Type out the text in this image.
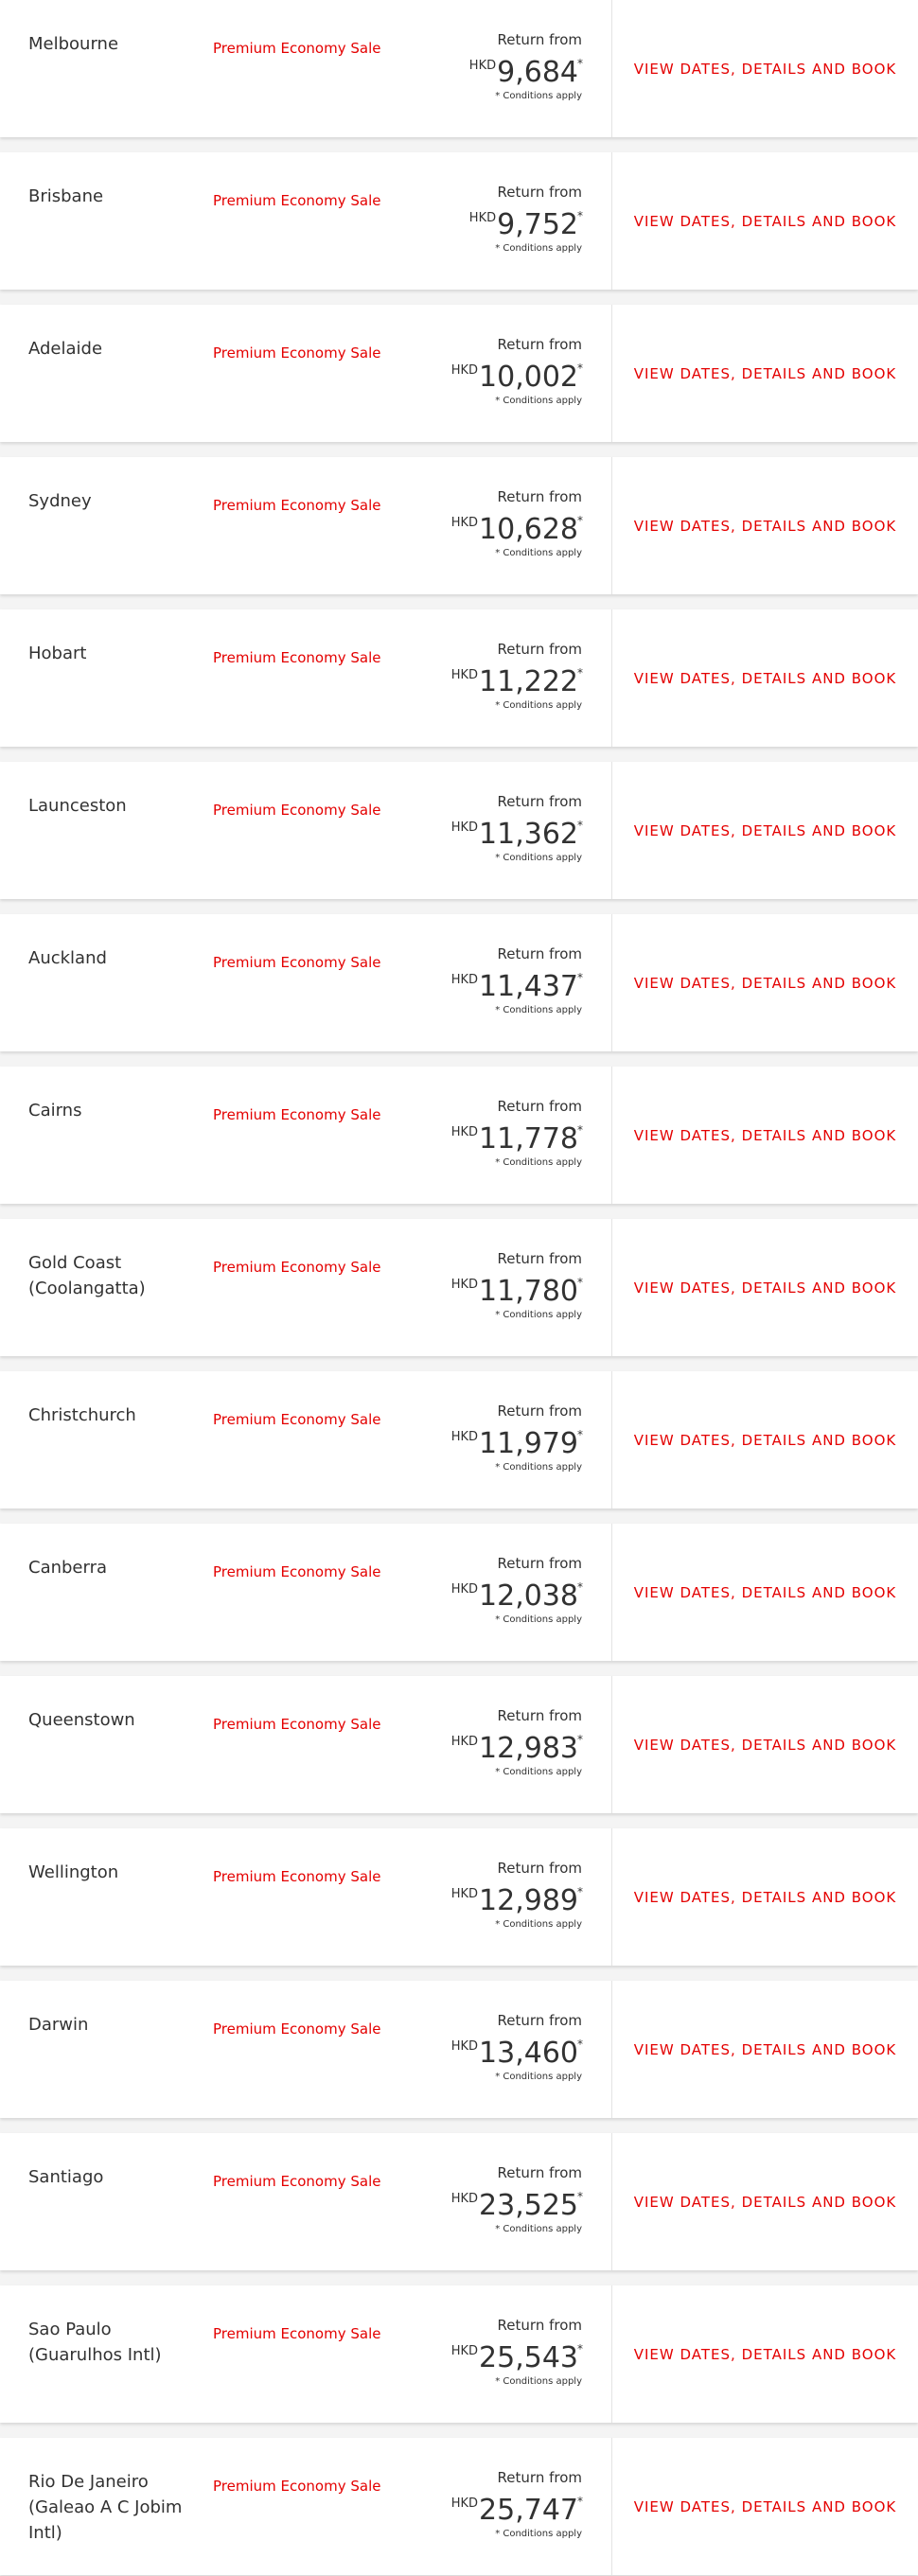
Melbourne	Premium Economy Sale	Return from
$^{HKD}$9,684 *
* Conditions apply
VIEW DATES, DETAILS AND BOOK
Brisbane	Premium Economy Sale	Return from
$^{HKD}$9,752 *
* Conditions apply
VIEW DATES, DETAILS AND BOOK
Adelaide	Premium Economy Sale	Return from
$^{HKD}$10,002 *
* Conditions apply
VIEW DATES, DETAILS AND BOOK
Sydney	Premium Economy Sale	Return from
$^{HKD}$10,628 *
* Conditions apply
VIEW DATES, DETAILS AND BOOK
Hobart	Premium Economy Sale	Return from
$^{HKD}$11,222 *
* Conditions apply
VIEW DATES, DETAILS AND BOOK
Launceston	Premium Economy Sale	Return from
$^{HKD}$11,362 *
* Conditions apply
VIEW DATES, DETAILS AND BOOK
Auckland	Premium Economy Sale	Return from
$^{HKD}$11,437 *
* Conditions apply
VIEW DATES, DETAILS AND BOOK
Cairns	Premium Economy Sale	Return from
$^{HKD}$11,778 *
* Conditions apply
VIEW DATES, DETAILS AND BOOK
Gold Coast (Coolangatta)
Premium Economy Sale	Return from
$^{HKD}$11,780 *
* Conditions apply
VIEW DATES, DETAILS AND BOOK
Christchurch	Premium Economy Sale	Return from
$^{HKD}$11,979 *
* Conditions apply
VIEW DATES, DETAILS AND BOOK
Canberra	Premium Economy Sale	Return from
$^{HKD}$12,038 *
* Conditions apply
VIEW DATES, DETAILS AND BOOK
Queenstown	Premium Economy Sale	Return from
$^{HKD}$12,983 *
* Conditions apply
VIEW DATES, DETAILS AND BOOK
Wellington	Premium Economy Sale	Return from
$^{HKD}$12,989 *
* Conditions apply
VIEW DATES, DETAILS AND BOOK
Darwin	Premium Economy Sale	Return from
$^{HKD}$13,460 *
* Conditions apply
VIEW DATES, DETAILS AND BOOK
Santiago	Premium Economy Sale	Return from
$^{HKD}$23,525 *
* Conditions apply
VIEW DATES, DETAILS AND BOOK
Sao Paulo (Guarulhos Intl)
Premium Economy Sale	Return from
$^{HKD}$25,543 *
* Conditions apply
VIEW DATES, DETAILS AND BOOK
Rio De Janeiro (Galeao A C Jobim Intl)
Premium Economy Sale	Return from
$^{HKD}$25,747 *
* Conditions apply
VIEW DATES, DETAILS AND BOOK
